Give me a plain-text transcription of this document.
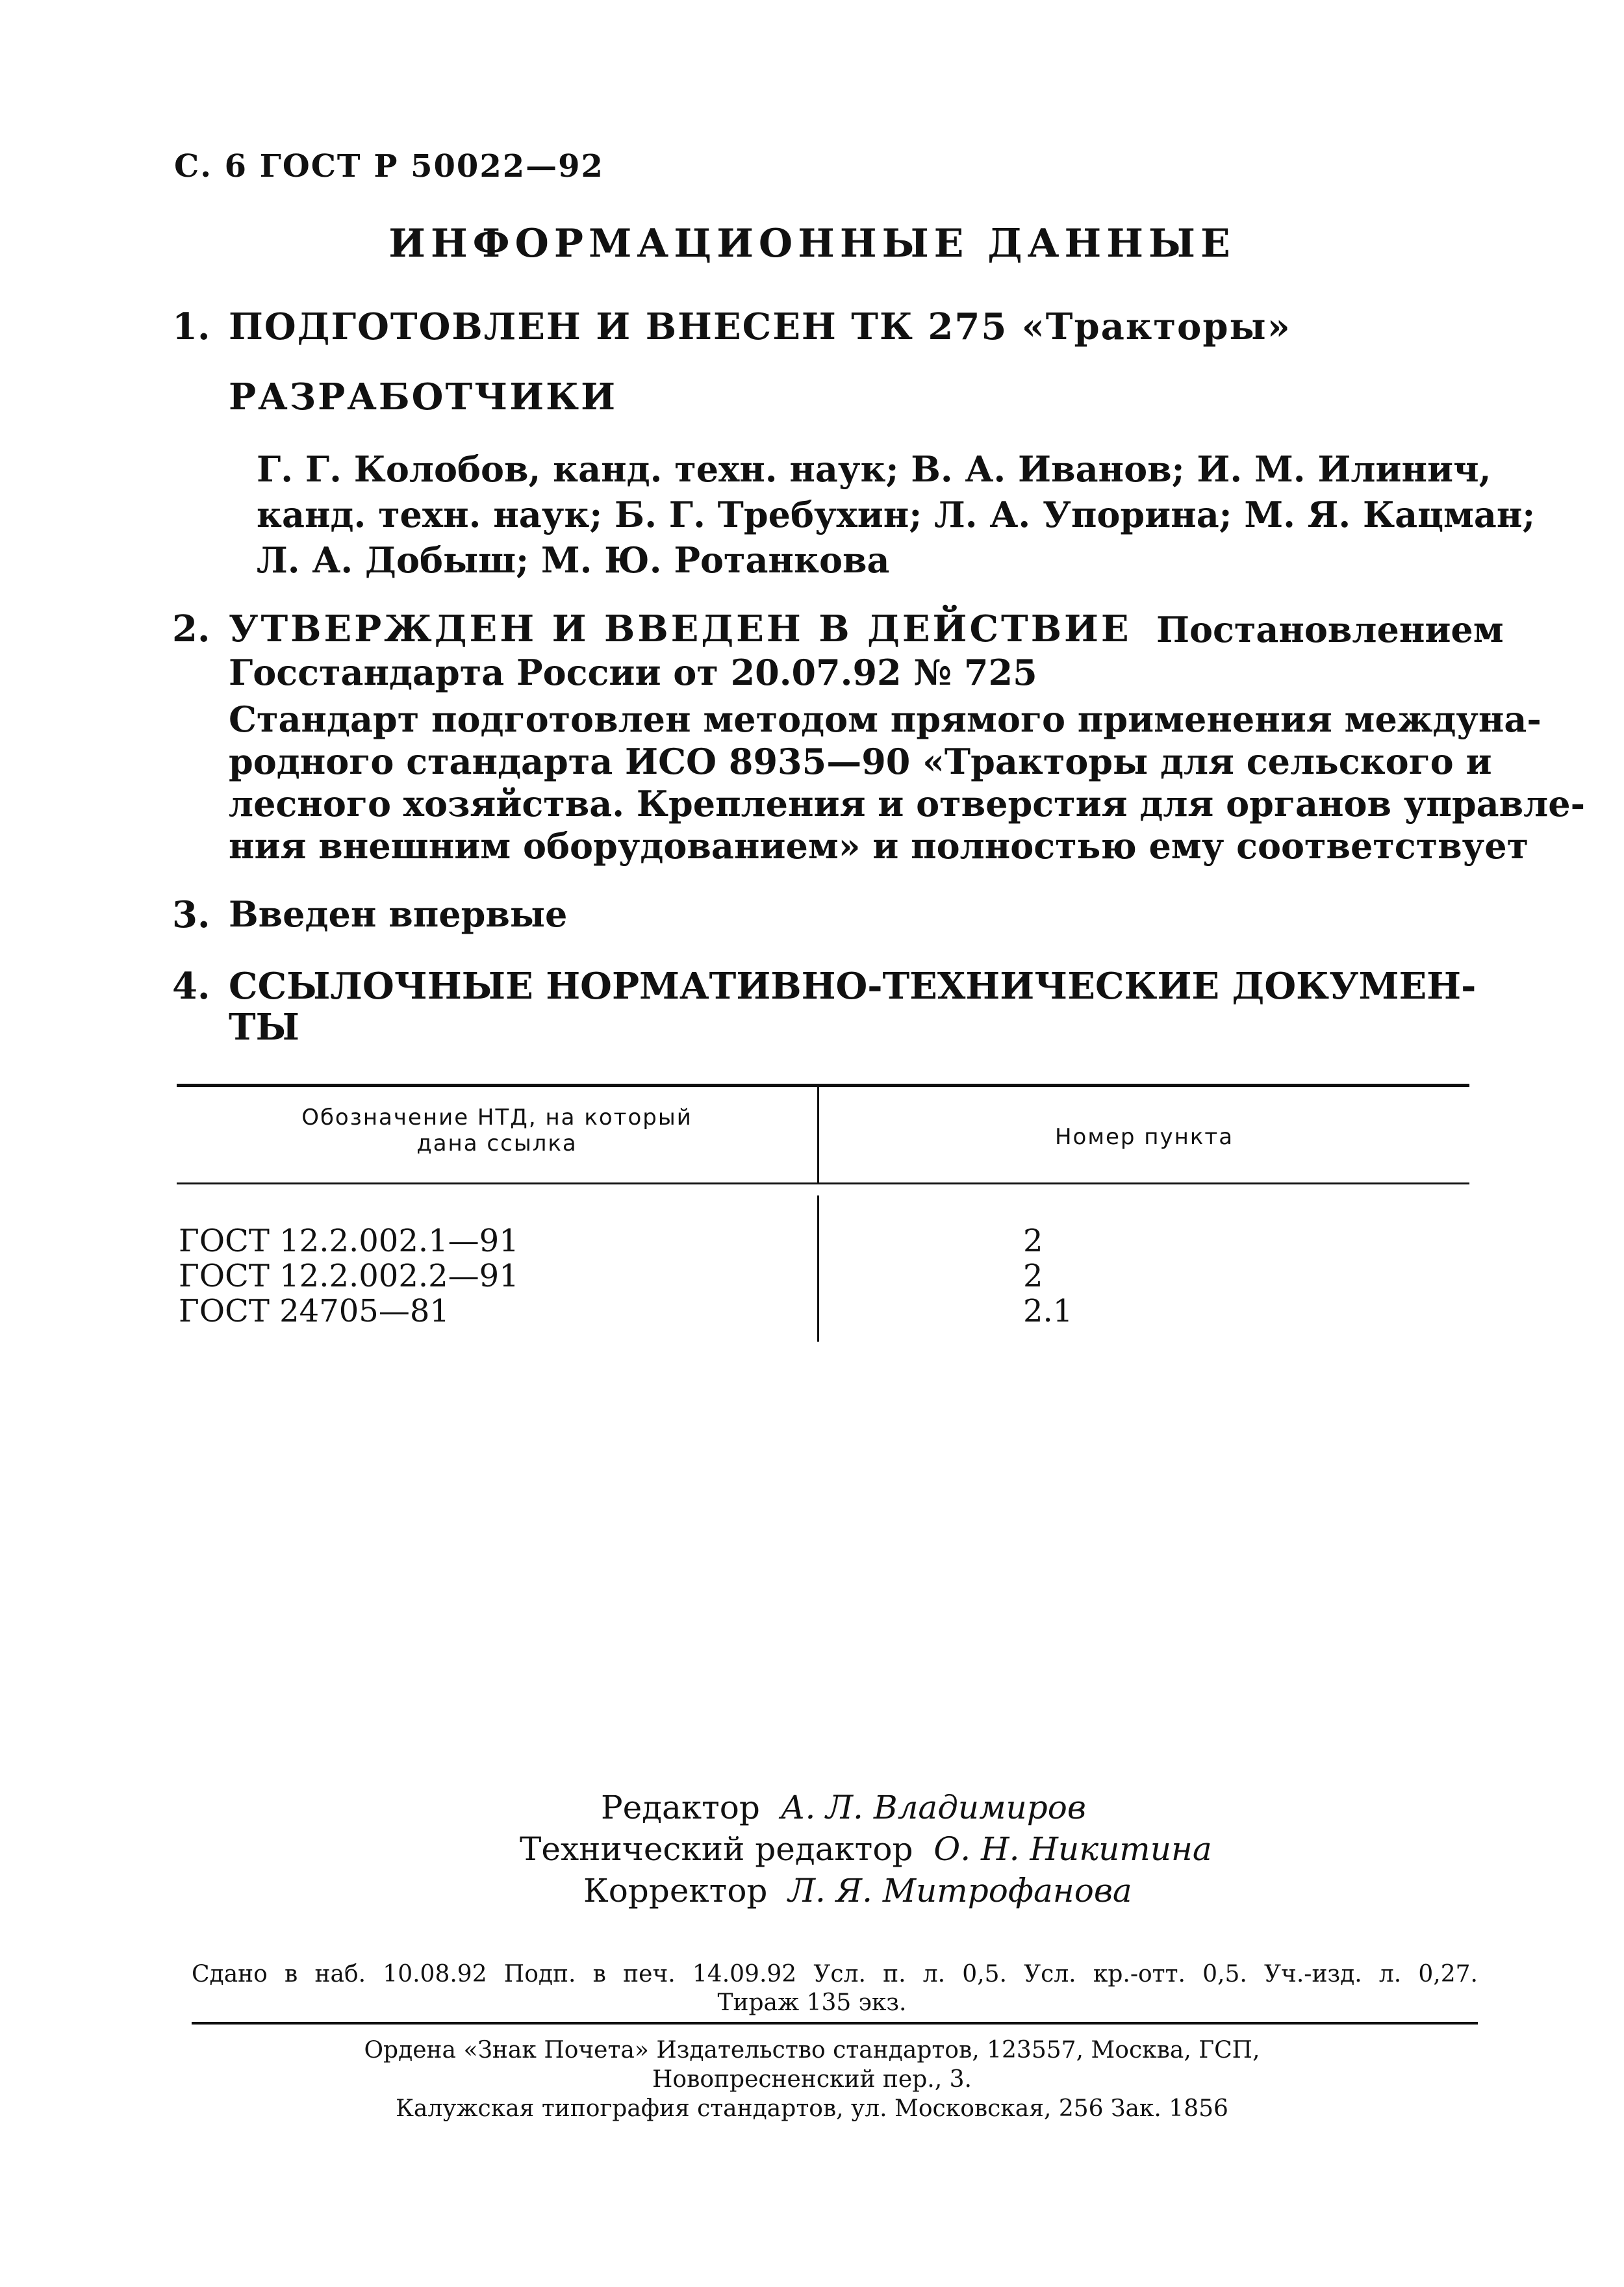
С. 6 ГОСТ Р 50022—92
ИНФОРМАЦИОННЫЕ ДАННЫЕ
1. ПОДГОТОВЛЕН И ВНЕСЕН ТК 275 «Тракторы»
РАЗРАБОТЧИКИ
Г. Г. Колобов, канд. техн. наук; В. А. Иванов; И. М. Илинич,
канд. техн. наук; Б. Г. Требухин; Л. А. Упорина; М. Я. Кацман;
Л. А. Добыш; М. Ю. Ротанкова
2. УТВЕРЖДЕН И ВВЕДЕН В ДЕЙСТВИЕ Постановлением
Госстандарта России от 20.07.92 № 725
Стандарт подготовлен методом прямого применения междуна-
родного стандарта ИСО 8935—90 «Тракторы для сельского и
лесного хозяйства. Крепления и отверстия для органов управле-
ния внешним оборудованием» и полностью ему соответствует
3. Введен впервые
4. ССЫЛОЧНЫЕ НОРМАТИВНО-ТЕХНИЧЕСКИЕ ДОКУМЕН-
ТЫ
Обозначение НТД, на который
дана ссылка	Номер пункта
ГОСТ 12.2.002.1—91	2
ГОСТ 12.2.002.2—91	2
ГОСТ 24705—81	2.1
Редактор А. Л. Владимиров
Технический редактор О. Н. Никитина
Корректор Л. Я. Митрофанова
Сдано в наб. 10.08.92 Подп. в печ. 14.09.92 Усл. п. л. 0,5. Усл. кр.-отт. 0,5. Уч.-изд. л. 0,27.
Тираж 135 экз.
Ордена «Знак Почета» Издательство стандартов, 123557, Москва, ГСП,
Новопресненский пер., 3.
Калужская типография стандартов, ул. Московская, 256 Зак. 1856
